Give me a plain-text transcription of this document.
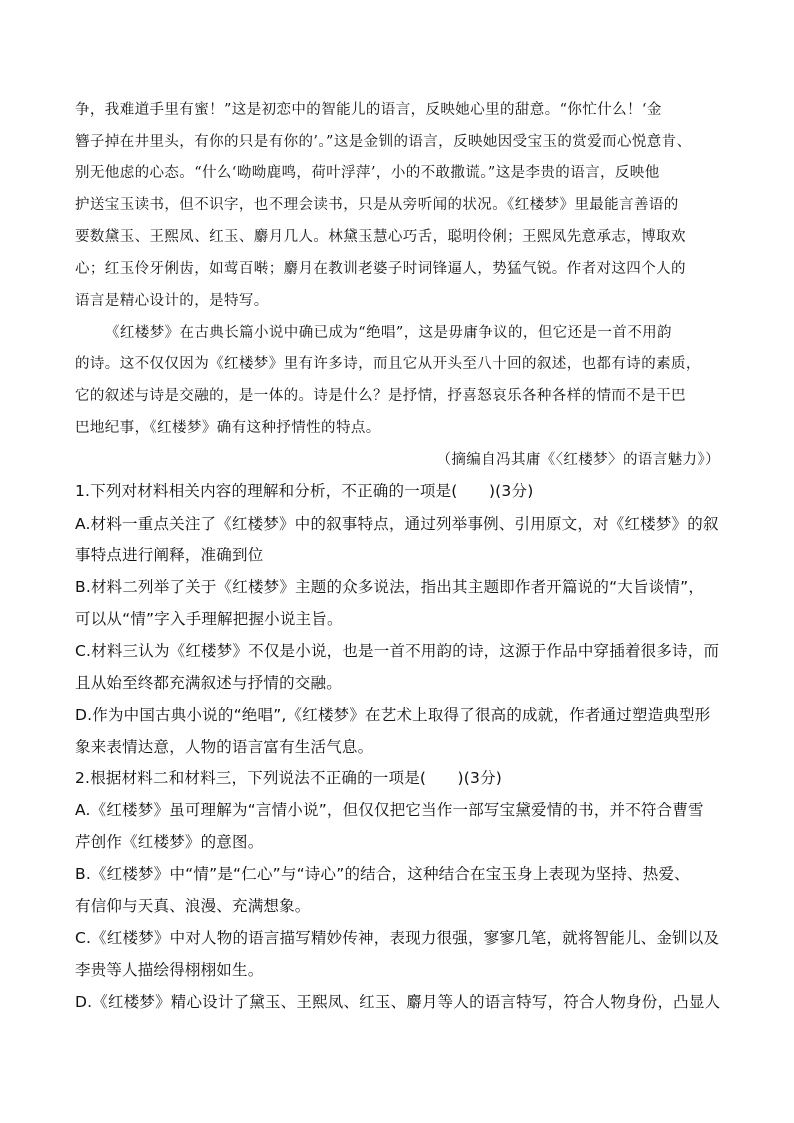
争，我难道手里有蜜！”这是初恋中的智能儿的语言，反映她心里的甜意。“你忙什么！‘金
簪子掉在井里头，有你的只是有你的’。”这是金钏的语言，反映她因受宝玉的赏爱而心悦意肯、
别无他虑的心态。“什么‘呦呦鹿鸣，荷叶浮萍’，小的不敢撒谎。”这是李贵的语言，反映他
护送宝玉读书，但不识字，也不理会读书，只是从旁听闻的状况。《红楼梦》里最能言善语的
要数黛玉、王熙凤、红玉、麝月几人。林黛玉慧心巧舌，聪明伶俐；王熙凤先意承志，博取欢
心；红玉伶牙俐齿，如莺百啭；麝月在教训老婆子时词锋逼人，势猛气锐。作者对这四个人的
语言是精心设计的，是特写。
《红楼梦》在古典长篇小说中确已成为“绝唱”，这是毋庸争议的，但它还是一首不用韵
的诗。这不仅仅因为《红楼梦》里有许多诗，而且它从开头至八十回的叙述，也都有诗的素质，
它的叙述与诗是交融的，是一体的。诗是什么？是抒情，抒喜怒哀乐各种各样的情而不是干巴
巴地纪事，《红楼梦》确有这种抒情性的特点。
（摘编自冯其庸《〈红楼梦〉的语言魅力》）
1.下列对材料相关内容的理解和分析，不正确的一项是(　　)(3分)
A.材料一重点关注了《红楼梦》中的叙事特点，通过列举事例、引用原文，对《红楼梦》的叙
事特点进行阐释，准确到位
B.材料二列举了关于《红楼梦》主题的众多说法，指出其主题即作者开篇说的“大旨谈情”，
可以从“情”字入手理解把握小说主旨。
C.材料三认为《红楼梦》不仅是小说，也是一首不用韵的诗，这源于作品中穿插着很多诗，而
且从始至终都充满叙述与抒情的交融。
D.作为中国古典小说的“绝唱”,《红楼梦》在艺术上取得了很高的成就，作者通过塑造典型形
象来表情达意，人物的语言富有生活气息。
2.根据材料二和材料三，下列说法不正确的一项是(　　)(3分)
A.《红楼梦》虽可理解为“言情小说”，但仅仅把它当作一部写宝黛爱情的书，并不符合曹雪
芹创作《红楼梦》的意图。
B.《红楼梦》中“情”是“仁心”与“诗心”的结合，这种结合在宝玉身上表现为坚持、热爱、
有信仰与天真、浪漫、充满想象。
C.《红楼梦》中对人物的语言描写精妙传神，表现力很强，寥寥几笔，就将智能儿、金钏以及
李贵等人描绘得栩栩如生。
D.《红楼梦》精心设计了黛玉、王熙凤、红玉、麝月等人的语言特写，符合人物身份，凸显人
